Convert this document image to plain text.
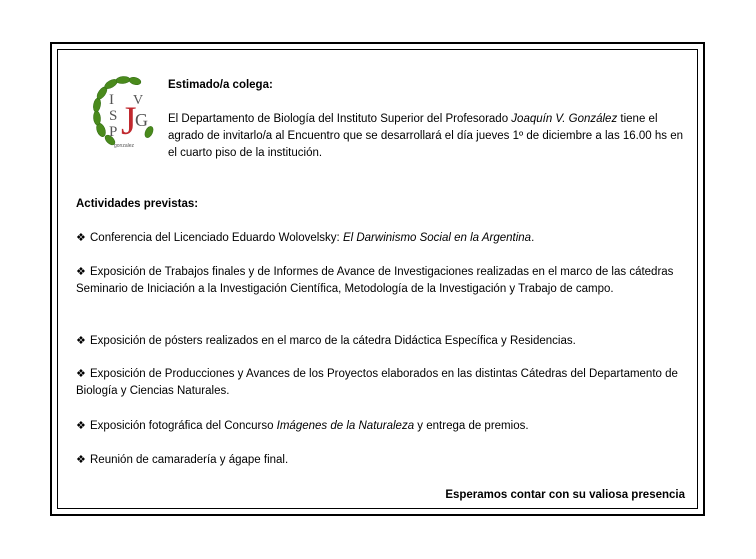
I
S
P J
V
G
gonzalez
Estimado/a colega:
El Departamento de Biología del Instituto Superior del Profesorado Joaquín V. González tiene el agrado de invitarlo/a al Encuentro que se desarrollará el día jueves 1º de diciembre a las 16.00 hs en el cuarto piso de la institución.
Actividades previstas:
❖ Conferencia del Licenciado Eduardo Wolovelsky: El Darwinismo Social en la Argentina.
❖ Exposición de Trabajos finales y de Informes de Avance de Investigaciones realizadas en el marco de las cátedras Seminario de Iniciación a la Investigación Científica, Metodología de la Investigación y Trabajo de campo.
❖ Exposición de pósters realizados en el marco de la cátedra Didáctica Específica y Residencias.
❖ Exposición de Producciones y Avances de los Proyectos elaborados en las distintas Cátedras del Departamento de Biología y Ciencias Naturales.
❖ Exposición fotográfica del Concurso Imágenes de la Naturaleza y entrega de premios.
❖ Reunión de camaradería y ágape final.
Esperamos contar con su valiosa presencia
